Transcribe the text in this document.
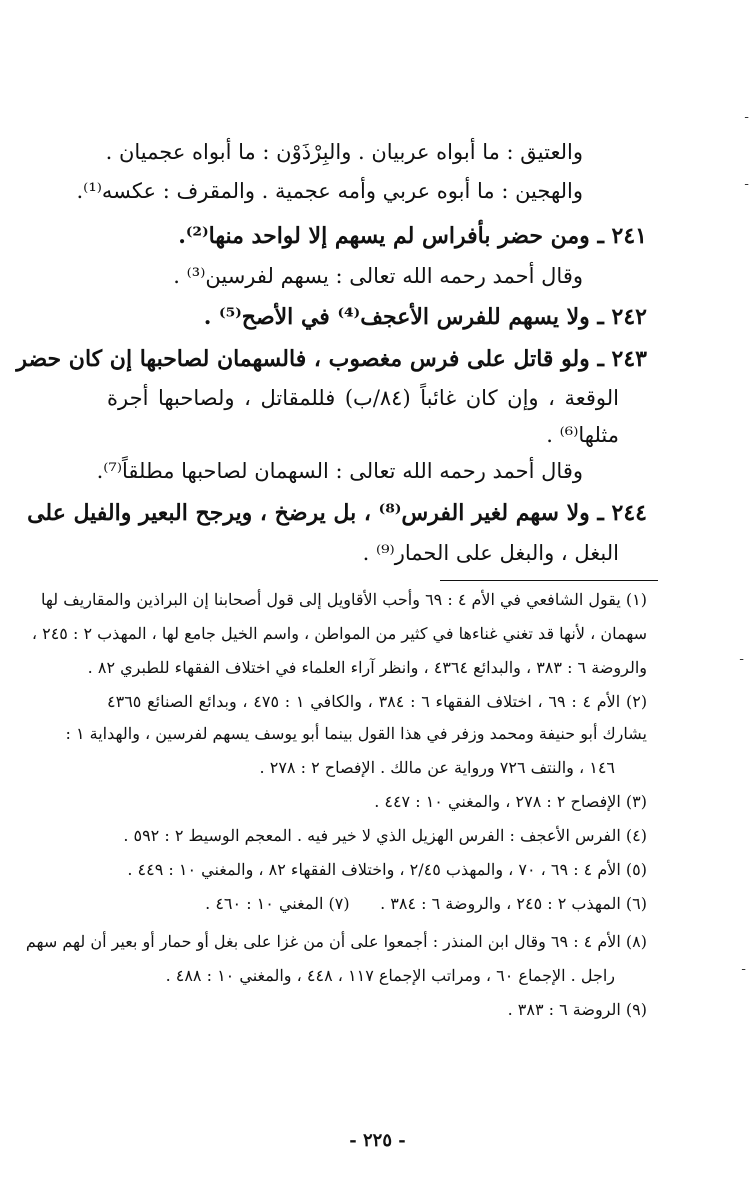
ـ
ـ
ـ
ـ
والعتيق : ما أبواه عربيان . والبِرْذَوْن : ما أبواه عجميان .
والهجين : ما أبوه عربي وأمه عجمية . والمقرف : عكسه⁽¹⁾.
٢٤١ ـ ومن حضر بأفراس لم يسهم إلا لواحد منها⁽²⁾.
وقال أحمد رحمه الله تعالى : يسهم لفرسين⁽³⁾ .
٢٤٢ ـ ولا يسهم للفرس الأعجف⁽⁴⁾ في الأصح⁽⁵⁾ .
٢٤٣ ـ ولو قاتل على فرس مغصوب ، فالسهمان لصاحبها إن كان حضر
الوقعة ، وإن كان غائباً (٨٤/ب) فللمقاتل ، ولصاحبها أجرة
مثلها⁽⁶⁾ .
وقال أحمد رحمه الله تعالى : السهمان لصاحبها مطلقاً⁽⁷⁾.
٢٤٤ ـ ولا سهم لغير الفرس⁽⁸⁾ ، بل يرضخ ، ويرجح البعير والفيل على
البغل ، والبغل على الحمار⁽⁹⁾ .
(١) يقول الشافعي في الأم ٤ : ٦٩ وأحب الأقاويل إلى قول أصحابنا إن البراذين والمقاريف لها
سهمان ، لأنها قد تغني غناءها في كثير من المواطن ، واسم الخيل جامع لها ، المهذب ٢ : ٢٤٥ ،
والروضة ٦ : ٣٨٣ ، والبدائع ٤٣٦٤ ، وانظر آراء العلماء في اختلاف الفقهاء للطبري ٨٢ .
(٢) الأم ٤ : ٦٩ ، اختلاف الفقهاء ٦ : ٣٨٤ ، والكافي ١ : ٤٧٥ ، وبدائع الصنائع ٤٣٦٥
يشارك أبو حنيفة ومحمد وزفر في هذا القول بينما أبو يوسف يسهم لفرسين ، والهداية ١ :
١٤٦ ، والنتف ٧٢٦ ورواية عن مالك . الإفصاح ٢ : ٢٧٨ .
(٣) الإفصاح ٢ : ٢٧٨ ، والمغني ١٠ : ٤٤٧ .
(٤) الفرس الأعجف : الفرس الهزيل الذي لا خير فيه . المعجم الوسيط ٢ : ٥٩٢ .
(٥) الأم ٤ : ٦٩ ، ٧٠ ، والمهذب ٢/٤٥ ، واختلاف الفقهاء ٨٢ ، والمغني ١٠ : ٤٤٩ .
(٦) المهذب ٢ : ٢٤٥ ، والروضة ٦ : ٣٨٤ .      (٧) المغني ١٠ : ٤٦٠ .
(٨) الأم ٤ : ٦٩ وقال ابن المنذر : أجمعوا على أن من غزا على بغل أو حمار أو بعير أن لهم سهم
راجل . الإجماع ٦٠ ، ومراتب الإجماع ١١٧ ، ٤٤٨ ، والمغني ١٠ : ٤٨٨ .
(٩) الروضة ٦ : ٣٨٣ .
- ٢٢٥ -
